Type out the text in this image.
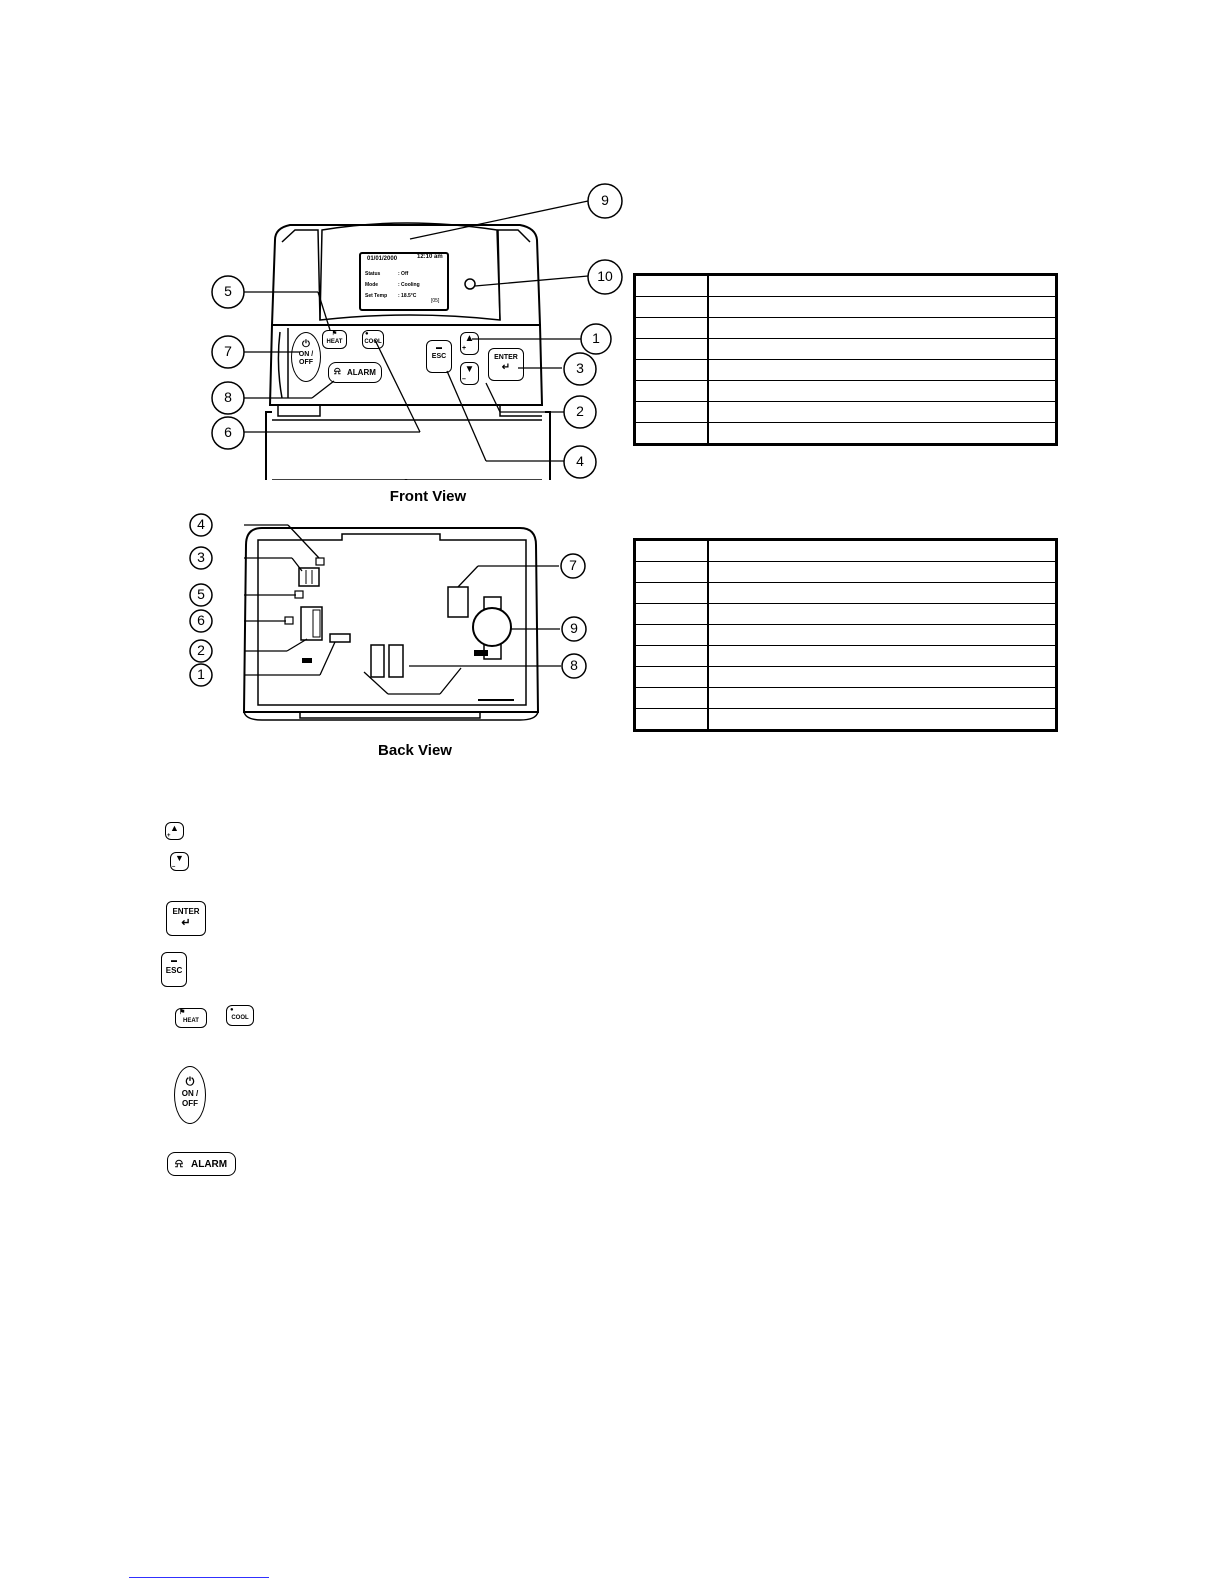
01/01/2000	12:10 am
Status	: Off
Mode	: Cooling
Set Temp : 18.5°C
[05]
⚑
HEAT
●
COOL
⏻
ON / OFF
⍾ ALARM
▬
ESC
▲
+
▼
–
ENTER
↵
9
10
5
7
8
6
1
3
2
4
Front View

4
3
5
6
2
1
7
9
8
Back View

▲
+
▼
–
ENTER
↵
▬
ESC
⚑
HEAT
●
COOL
⏻
ON / OFF
⍾ ALARM
